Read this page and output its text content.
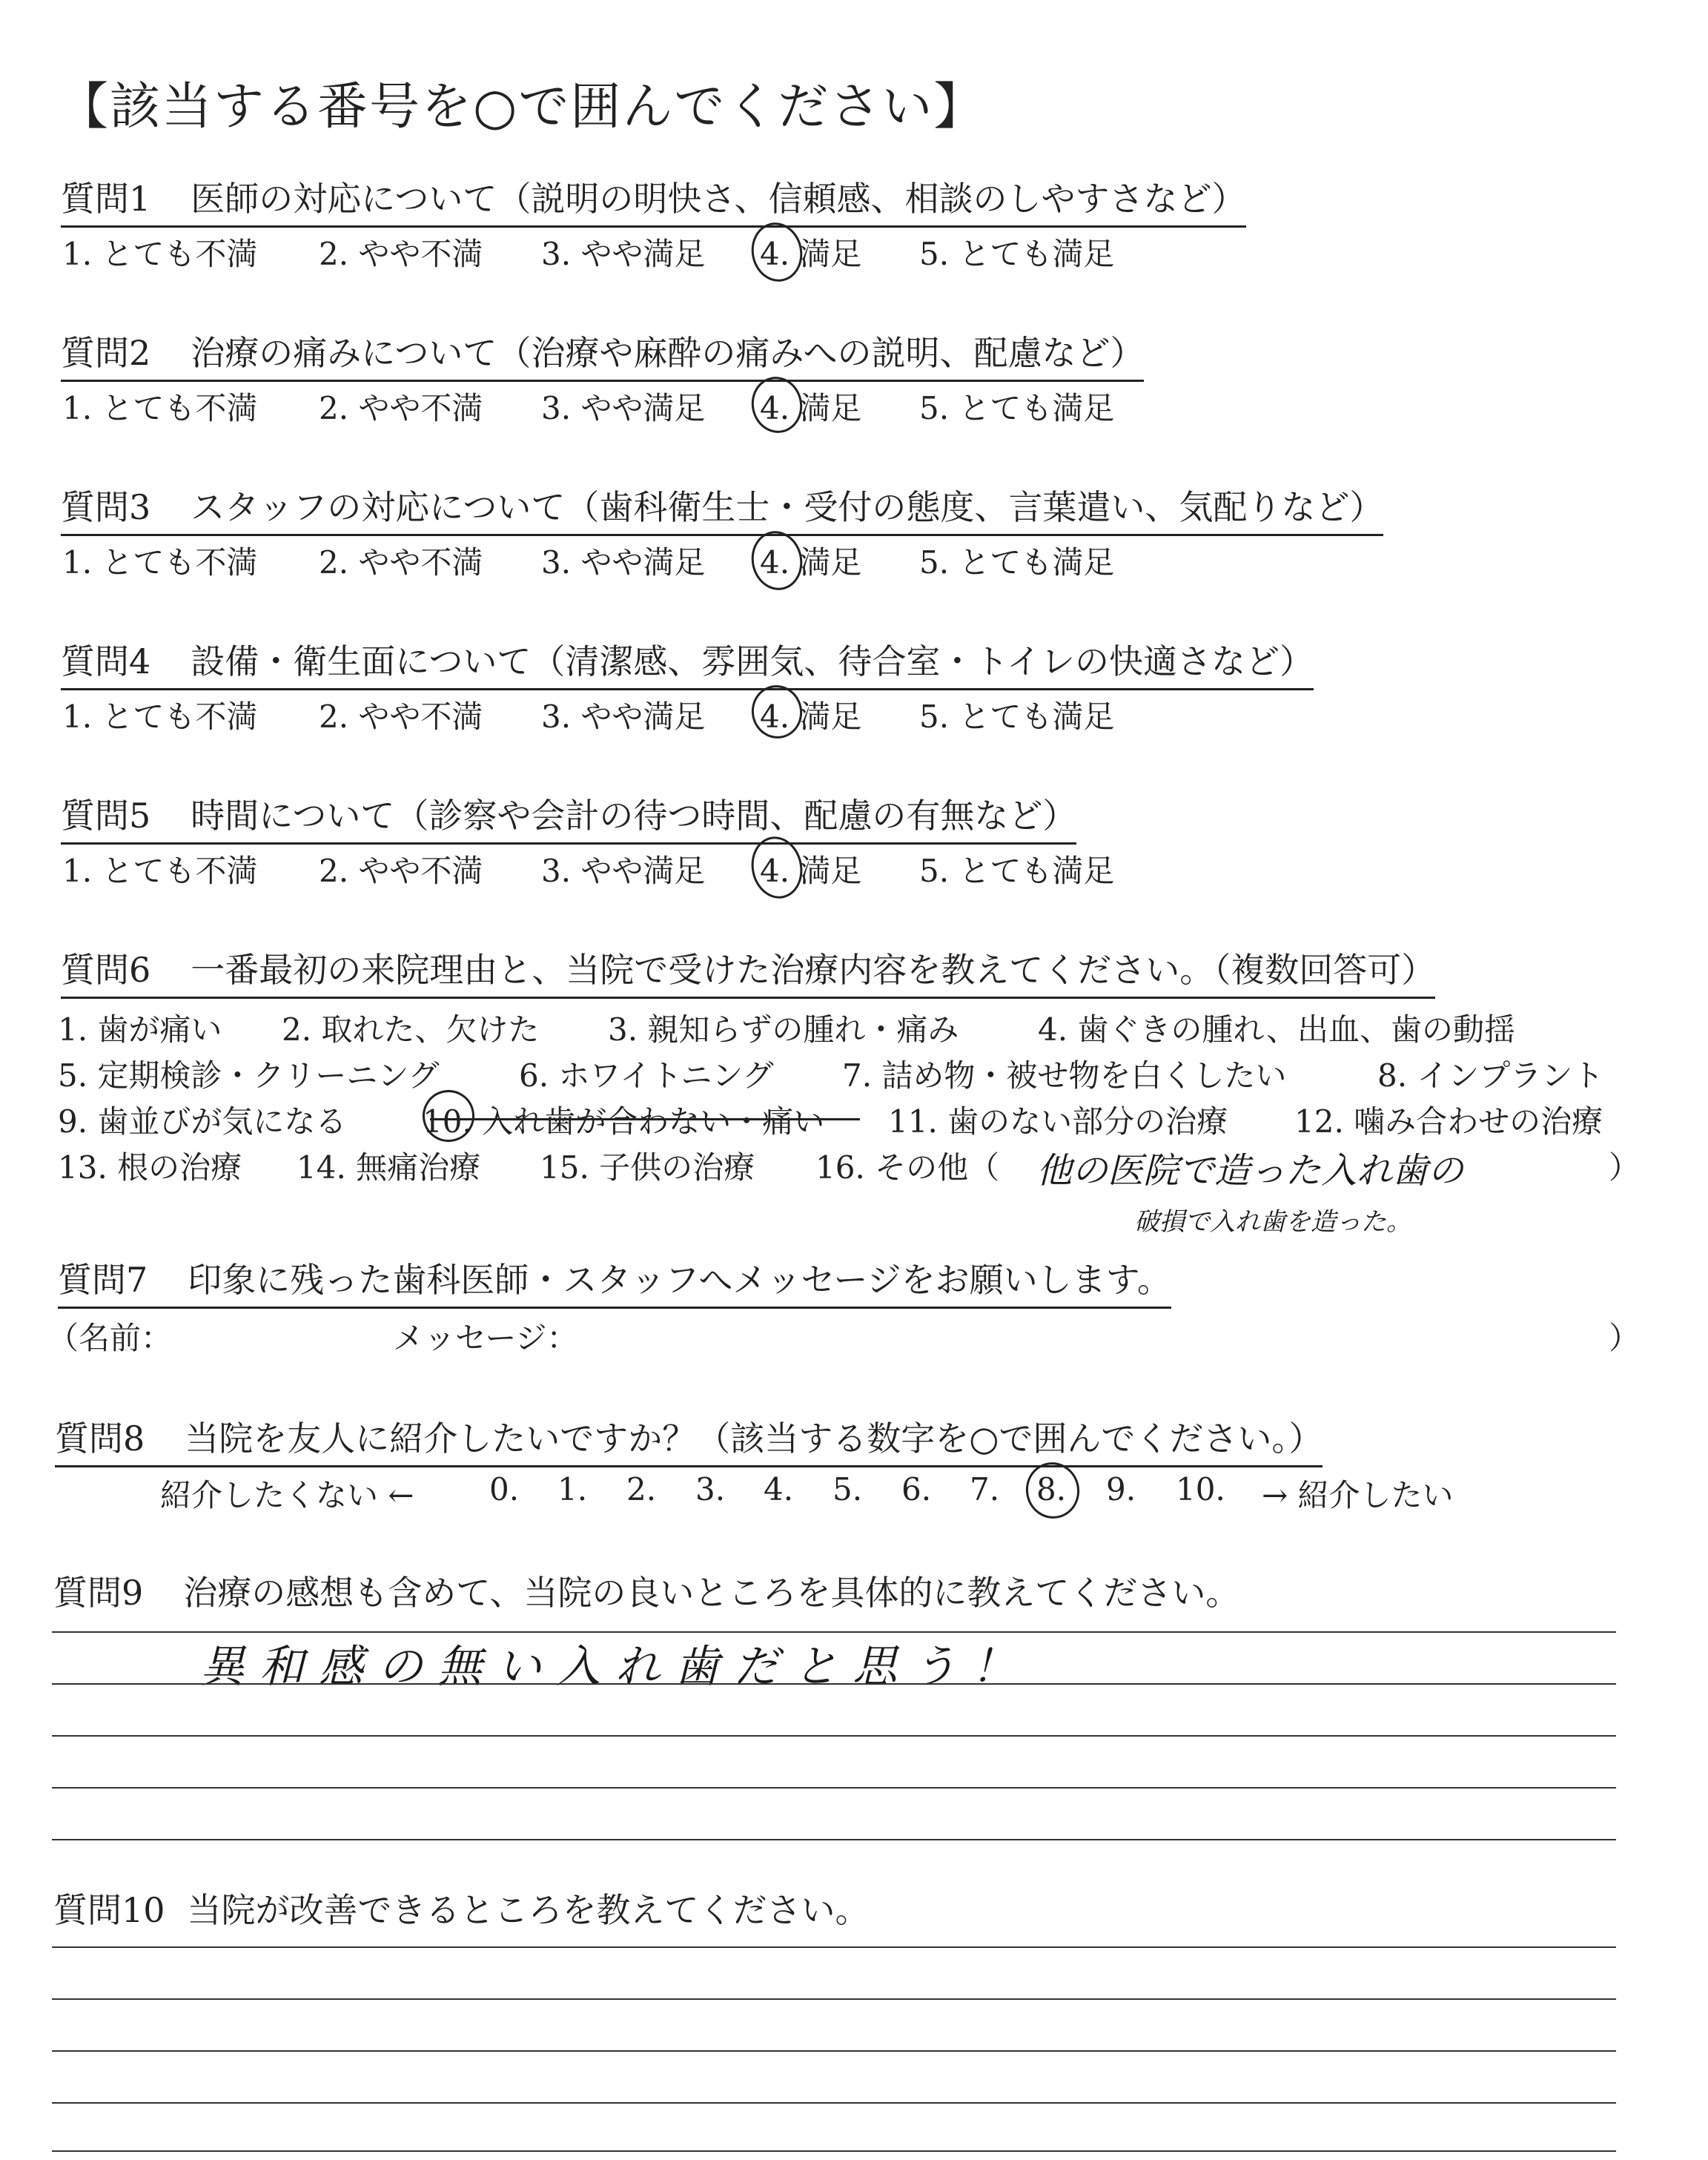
【該当する番号を○で囲んでください】
質問1 医師の対応について（説明の明快さ、信頼感、相談のしやすさなど）
1. とても不満 2. やや不満 3. やや満足 4. 満足 5. とても満足
質問2 治療の痛みについて（治療や麻酔の痛みへの説明、配慮など）
1. とても不満 2. やや不満 3. やや満足 4. 満足 5. とても満足
質問3 スタッフの対応について（歯科衛生士・受付の態度、言葉遣い、気配りなど）
1. とても不満 2. やや不満 3. やや満足 4. 満足 5. とても満足
質問4 設備・衛生面について（清潔感、雰囲気、待合室・トイレの快適さなど）
1. とても不満 2. やや不満 3. やや満足 4. 満足 5. とても満足
質問5 時間について（診察や会計の待つ時間、配慮の有無など）
1. とても不満 2. やや不満 3. やや満足 4. 満足 5. とても満足
質問6 一番最初の来院理由と、当院で受けた治療内容を教えてください。（複数回答可）
1. 歯が痛い 2. 取れた、欠けた 3. 親知らずの腫れ・痛み	4. 歯ぐきの腫れ、出血、歯の動揺
5. 定期検診・クリーニング	6. ホワイトニング 7. 詰め物・被せ物を白くしたい	8. インプラント
9. 歯並びが気になる 10. 入れ歯が合わない・痛い 11. 歯のない部分の治療 12. 噛み合わせの治療
13. 根の治療 14. 無痛治療 15. 子供の治療 16. その他（	）
他の医院で造った入れ歯の
破損で入れ歯を造った。
質問7 印象に残った歯科医師・スタッフへメッセージをお願いします。
（名前：	メッセージ：	）
質問8 当院を友人に紹介したいですか？（該当する数字を○で囲んでください。）
紹介したくない ← 0. 1. 2. 3. 4. 5. 6. 7. 8. 9. 10. → 紹介したい
質問9 治療の感想も含めて、当院の良いところを具体的に教えてください。
異和感の無い入れ歯だと思う！
質問10 当院が改善できるところを教えてください。
